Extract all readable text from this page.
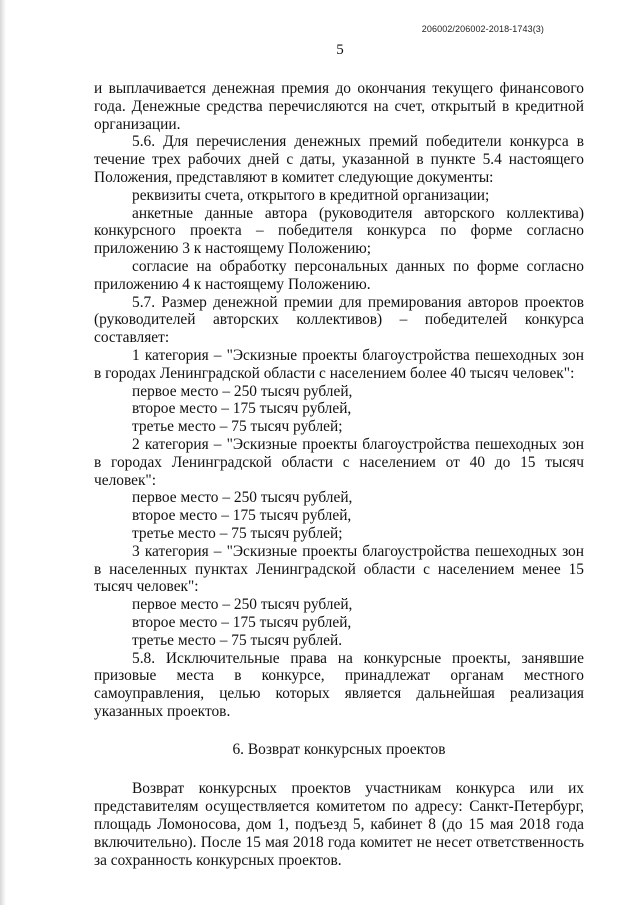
206002/206002-2018-1743(3)
5

и выплачивается денежная премия до окончания текущего финансового года. Денежные средства перечисляются на счет, открытый в кредитной организации.

5.6. Для перечисления денежных премий победители конкурса в течение трех рабочих дней с даты, указанной в пункте 5.4 настоящего Положения, представляют в комитет следующие документы:

реквизиты счета, открытого в кредитной организации;

анкетные данные автора (руководителя авторского коллектива) конкурсного проекта – победителя конкурса по форме согласно приложению 3 к настоящему Положению;

согласие на обработку персональных данных по форме согласно приложению 4 к настоящему Положению.

5.7. Размер денежной премии для премирования авторов проектов (руководителей авторских коллективов) – победителей конкурса составляет:

1 категория – "Эскизные проекты благоустройства пешеходных зон в городах Ленинградской области с населением более 40 тысяч человек":

первое место – 250 тысяч рублей,

второе место – 175 тысяч рублей,

третье место – 75 тысяч рублей;

2 категория – "Эскизные проекты благоустройства пешеходных зон в городах Ленинградской области с населением от 40 до 15 тысяч человек":

первое место – 250 тысяч рублей,

второе место – 175 тысяч рублей,

третье место – 75 тысяч рублей;

3 категория – "Эскизные проекты благоустройства пешеходных зон в населенных пунктах Ленинградской области с населением менее 15 тысяч человек":

первое место – 250 тысяч рублей,

второе место – 175 тысяч рублей,

третье место – 75 тысяч рублей.

5.8. Исключительные права на конкурсные проекты, занявшие призовые места в конкурсе, принадлежат органам местного самоуправления, целью которых является дальнейшая реализация указанных проектов.

6. Возврат конкурсных проектов

Возврат конкурсных проектов участникам конкурса или их представителям осуществляется комитетом по адресу: Санкт-Петербург, площадь Ломоносова, дом 1, подъезд 5, кабинет 8 (до 15 мая 2018 года включительно). После 15 мая 2018 года комитет не несет ответственность за сохранность конкурсных проектов.
